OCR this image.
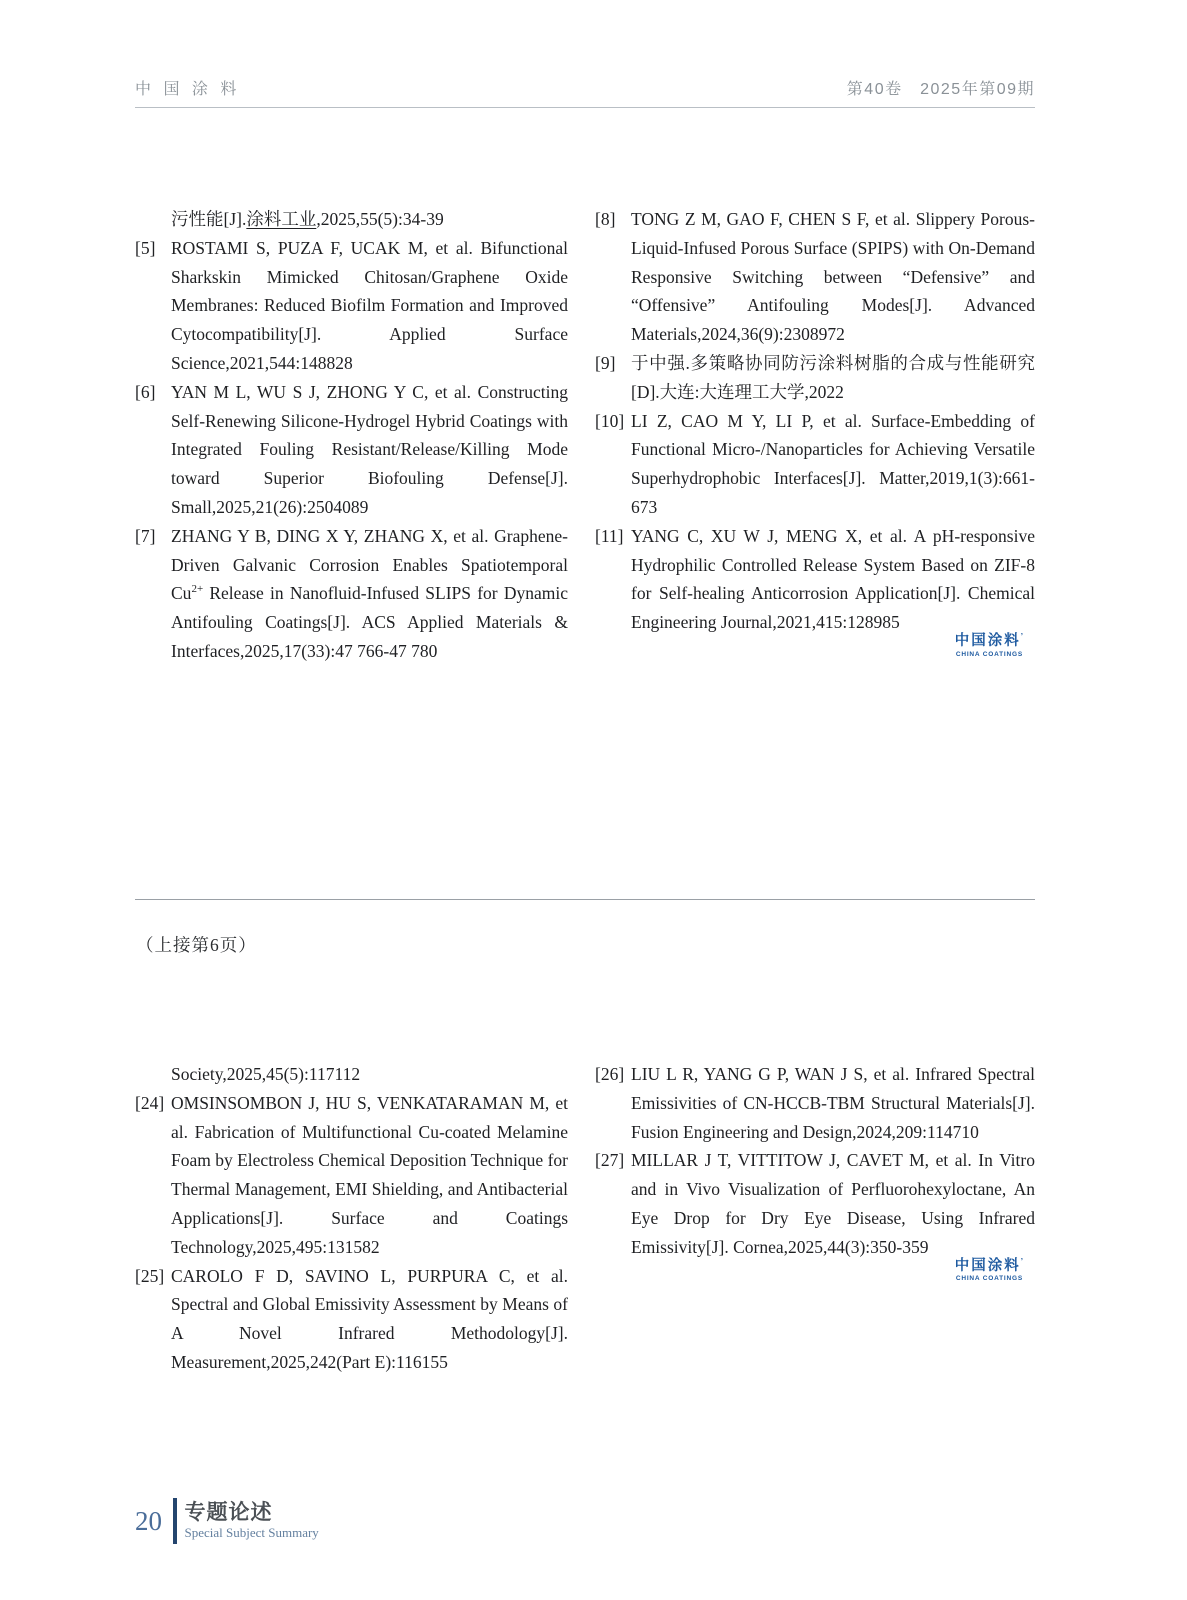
中 国 涂 料	第40卷　2025年第09期
污性能[J].涂料工业,2025,55(5):34-39
[5] ROSTAMI S, PUZA F, UCAK M, et al. Bifunctional Sharkskin Mimicked Chitosan/Graphene Oxide Membranes: Reduced Biofilm Formation and Improved Cytocompatibility[J]. Applied Surface Science,2021,544:148828
[6] YAN M L, WU S J, ZHONG Y C, et al. Constructing Self-Renewing Silicone-Hydrogel Hybrid Coatings with Integrated Fouling Resistant/Release/Killing Mode toward Superior Biofouling Defense[J]. Small,2025,21(26):2504089
[7] ZHANG Y B, DING X Y, ZHANG X, et al. Graphene-Driven Galvanic Corrosion Enables Spatiotemporal $Cu^{2+}$ Release in Nanofluid-Infused SLIPS for Dynamic Antifouling Coatings[J]. ACS Applied Materials & Interfaces,2025,17(33):47 766-47 780
[8] TONG Z M, GAO F, CHEN S F, et al. Slippery Porous-Liquid-Infused Porous Surface (SPIPS) with On-Demand Responsive Switching between “Defensive” and “Offensive” Antifouling Modes[J]. Advanced Materials,2024,36(9):2308972
[9] 于中强.多策略协同防污涂料树脂的合成与性能研究[D].大连:大连理工大学,2022
[10] LI Z, CAO M Y, LI P, et al. Surface-Embedding of Functional Micro-/Nanoparticles for Achieving Versatile Superhydrophobic Interfaces[J]. Matter,2019,1(3):661-673
[11] YANG C, XU W J, MENG X, et al. A pH-responsive Hydrophilic Controlled Release System Based on ZIF-8 for Self-healing Anticorrosion Application[J]. Chemical Engineering Journal,2021,415:128985
中国涂料’
CHINA COATINGS
（上接第6页）
Society,2025,45(5):117112
[24] OMSINSOMBON J, HU S, VENKATARAMAN M, et al. Fabrication of Multifunctional Cu-coated Melamine Foam by Electroless Chemical Deposition Technique for Thermal Management, EMI Shielding, and Antibacterial Applications[J]. Surface and Coatings Technology,2025,495:131582
[25] CAROLO F D, SAVINO L, PURPURA C, et al. Spectral and Global Emissivity Assessment by Means of A Novel Infrared Methodology[J]. Measurement,2025,242(Part E):116155
[26] LIU L R, YANG G P, WAN J S, et al. Infrared Spectral Emissivities of CN-HCCB-TBM Structural Materials[J]. Fusion Engineering and Design,2024,209:114710
[27] MILLAR J T, VITTITOW J, CAVET M, et al. In Vitro and in Vivo Visualization of Perfluorohexyloctane, An Eye Drop for Dry Eye Disease, Using Infrared Emissivity[J]. Cornea,2025,44(3):350-359
中国涂料’
CHINA COATINGS
20 专题论述
Special Subject Summary
